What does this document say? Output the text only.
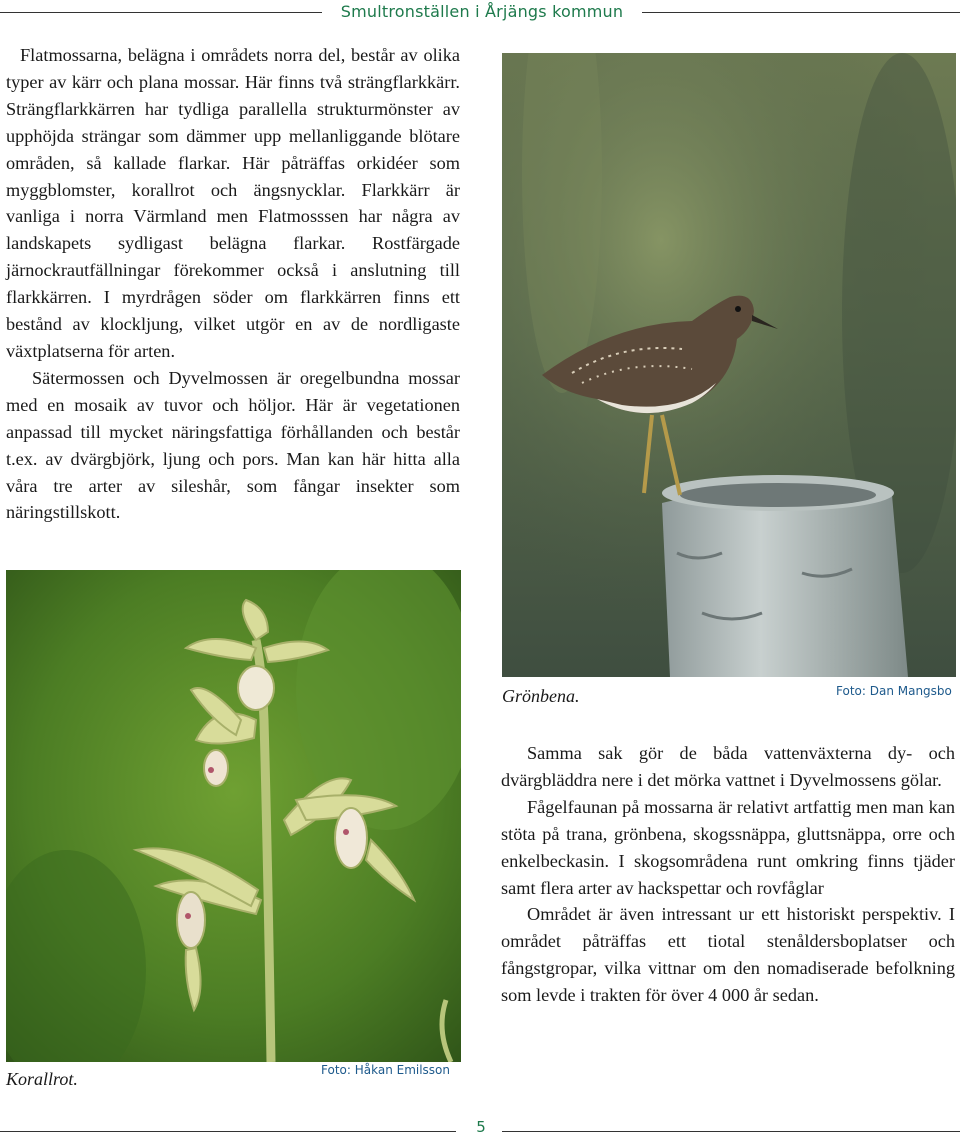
Smultronställen i Årjängs kommun

Flatmossarna, belägna i områdets norra del, består av olika typer av kärr och plana mossar. Här finns två strängflarkkärr. Strängflarkkärren har tydliga parallella strukturmönster av upphöjda strängar som dämmer upp mellanliggande blötare områden, så kallade flarkar. Här påträffas orkidéer som myggblomster, korallrot och ängsnycklar. Flarkkärr är vanliga i norra Värmland men Flatmosssen har några av landskapets sydligast belägna flarkar. Rostfärgade järnockrautfällningar förekommer också i anslutning till flarkkärren. I myrdrågen söder om flarkkärren finns ett bestånd av klockljung, vilket utgör en av de nordligaste växtplatserna för arten.

Sätermossen och Dyvelmossen är oregelbundna mossar med en mosaik av tuvor och höljor. Här är vegetationen anpassad till mycket näringsfattiga förhållanden och består t.ex. av dvärgbjörk, ljung och pors. Man kan här hitta alla våra tre arter av sileshår, som fångar insekter som näringstillskott.

Grönbena.	Foto: Dan Mangsbo
Korallrot.	Foto: Håkan Emilsson

Samma sak gör de båda vattenväxterna dy- och dvärgbläddra nere i det mörka vattnet i Dyvelmossens gölar.

Fågelfaunan på mossarna är relativt artfattig men man kan stöta på trana, grönbena, skogssnäppa, gluttsnäppa, orre och enkelbeckasin. I skogsområdena runt omkring finns tjäder samt flera arter av hackspettar och rovfåglar

Området är även intressant ur ett historiskt perspektiv. I området påträffas ett tiotal stenåldersboplatser och fångstgropar, vilka vittnar om den nomadiserade befolkning som levde i trakten för över 4 000 år sedan.

5
